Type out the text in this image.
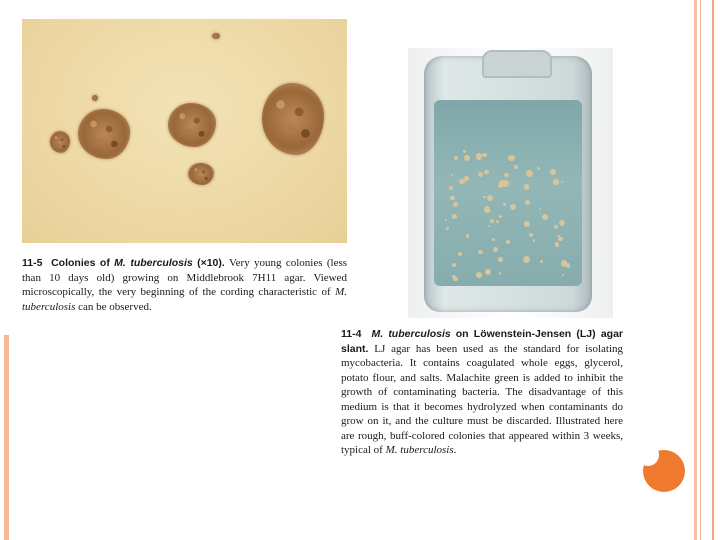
11-5 Colonies of M. tuberculosis (×10). Very young colonies (less than 10 days old) growing on Middlebrook 7H11 agar. Viewed microscopically, the very beginning of the cording characteristic of M. tuberculosis can be observed.
11-4 M. tuberculosis on Löwenstein-Jensen (LJ) agar slant. LJ agar has been used as the standard for isolating mycobacteria. It contains coagulated whole eggs, glycerol, potato flour, and salts. Malachite green is added to inhibit the growth of contaminating bacteria. The disadvantage of this medium is that it becomes hydrolyzed when contaminants do grow on it, and the culture must be discarded. Illustrated here are rough, buff-colored colonies that appeared within 3 weeks, typical of M. tuberculosis.
